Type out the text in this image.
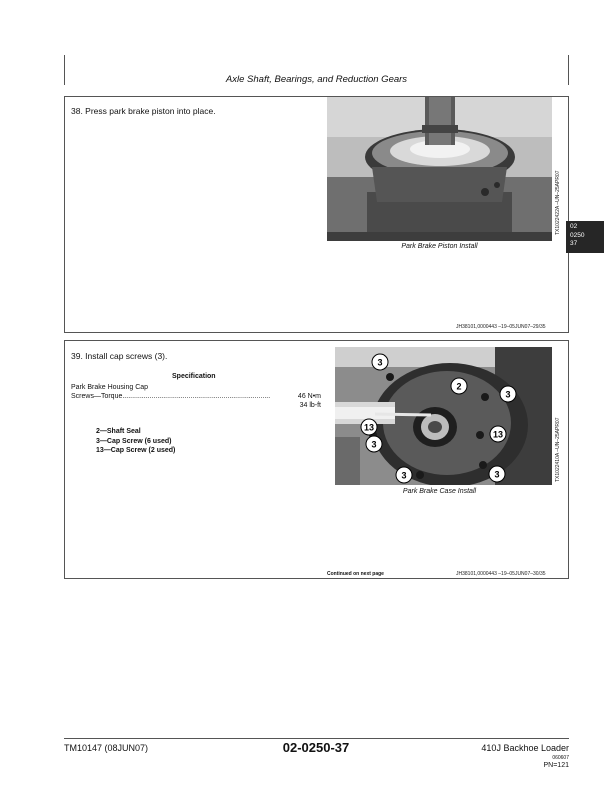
Axle Shaft, Bearings, and Reduction Gears
38. Press park brake piston into place.
TX1022422A –UN–25APR07
Park Brake Piston Install
JH38101,0000443 –19–05JUN07–29/35
02
0250
37
39. Install cap screws (3).
Specification
Park Brake Housing Cap
Screws—Torque ............................................................................	46 N•m
34 lb-ft
2—Shaft Seal
3—Cap Screw (6 used)
13—Cap Screw (2 used)
3
2
3
13
3
13
3	3	TX1022410A –UN–25APR07
Park Brake Case Install
Continued on next page	JH38101,0000443 –19–05JUN07–30/35
TM10147 (08JUN07)	02-0250-37	410J Backhoe Loader
060607
PN=121
